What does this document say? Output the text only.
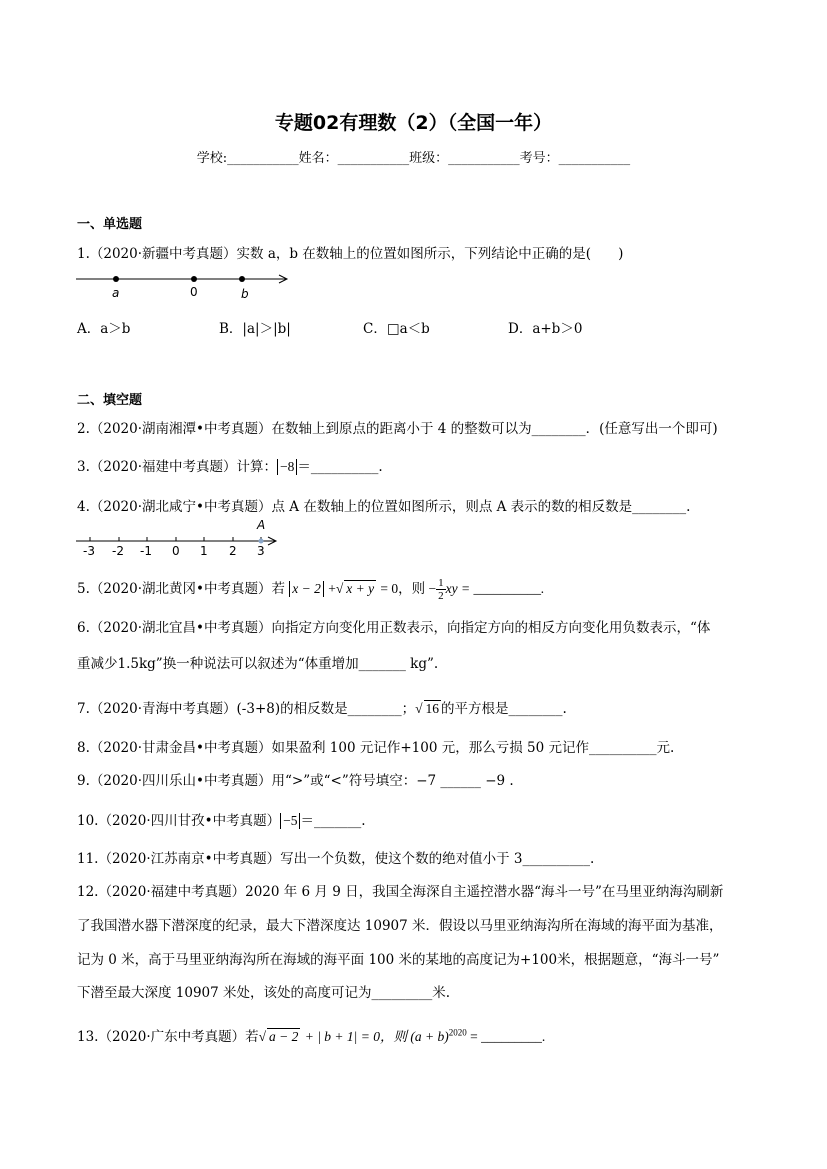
专题02有理数（2）（全国一年）
学校:___________姓名：___________班级：___________考号：___________
一、单选题
1.（2020·新疆中考真题）实数 a，b 在数轴上的位置如图所示，下列结论中正确的是(　　)
a	0	b
A．a＞b	B．|a|＞|b|	C．□a＜b	D．a+b＞0
二、填空题
2.（2020·湖南湘潭•中考真题）在数轴上到原点的距离小于 4 的整数可以为________．(任意写出一个即可)
3.（2020·福建中考真题）计算： −8 ＝__________.
4.（2020·湖北咸宁•中考真题）点 A 在数轴上的位置如图所示，则点 A 表示的数的相反数是________.
A
-3 -2 -1 0 1 2 3
5.（2020·湖北黄冈•中考真题）若 x − 2 +√ x + y = 0，则 − $\frac{1}{2}$ xy = __________.
6.（2020·湖北宜昌•中考真题）向指定方向变化用正数表示，向指定方向的相反方向变化用负数表示，“体
重减少1.5kg”换一种说法可以叙述为“体重增加_______ kg”.
7.（2020·青海中考真题）(-3+8)的相反数是________；√ 16 的平方根是________.
8.（2020·甘肃金昌•中考真题）如果盈利 100 元记作+100 元，那么亏损 50 元记作__________元.
9.（2020·四川乐山•中考真题）用“>”或“<”符号填空：−7 ______ −9 .
10.（2020·四川甘孜•中考真题） −5 ＝_______.
11.（2020·江苏南京•中考真题）写出一个负数，使这个数的绝对值小于 3__________.
12.（2020·福建中考真题）2020 年 6 月 9 日，我国全海深自主遥控潜水器“海斗一号”在马里亚纳海沟刷新
了我国潜水器下潜深度的纪录，最大下潜深度达 10907 米．假设以马里亚纳海沟所在海域的海平面为基准，
记为 0 米，高于马里亚纳海沟所在海域的海平面 100 米的某地的高度记为+100米，根据题意，“海斗一号”
下潜至最大深度 10907 米处，该处的高度可记为_________米.
13.（2020·广东中考真题）若√ a − 2 + | b + 1| = 0，则 $(a + b)^{2020}$ = _________.
